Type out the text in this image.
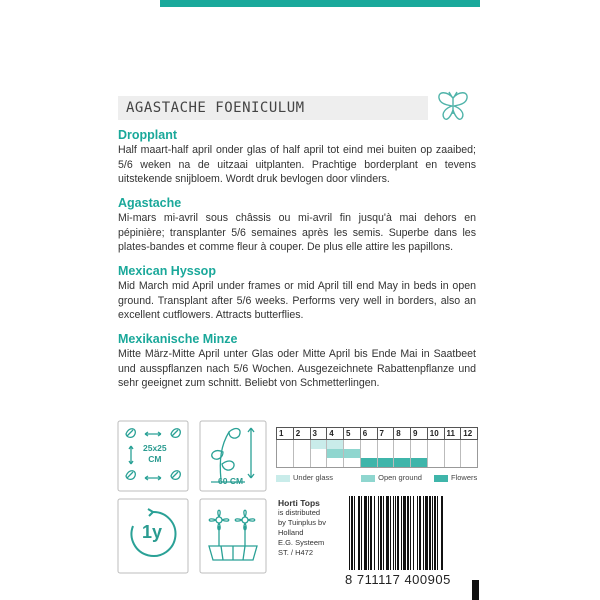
AGASTACHE FOENICULUM
Dropplant

Half maart-half april onder glas of half april tot eind mei buiten op zaaibed; 5/6 weken na de uitzaai uitplanten. Prachtige borderplant en tevens uitstekende snijbloem. Wordt druk bevlogen door vlinders.

Agastache

Mi-mars mi-avril sous châssis ou mi-avril fin jusqu'à mai dehors en pépinière; transplanter 5/6 semaines après les semis. Superbe dans les plates-bandes et comme fleur à couper. De plus elle attire les papillons.

Mexican Hyssop

Mid March mid April under frames or mid April till end May in beds in open ground. Transplant after 5/6 weeks. Performs very well in borders, also an excellent cutflowers. Attracts butterflies.

Mexikanische Minze

Mitte März-Mitte April unter Glas oder Mitte April bis Ende Mai in Saatbeet und ausspflanzen nach 5/6 Wochen. Ausgezeichnete Rabattenpflanze und sehr geeignet zum schnitt. Beliebt von Schmetterlingen.

25x25
CM
60 CM
1	2	3	4	5	6	7	8	9	10 11	12
Under glass	Open ground	Flowers
1y
Horti Tops
is distributed
by Tuinplus bv
Holland
E.G. Systeem
ST. / H472
8 711117 400905
